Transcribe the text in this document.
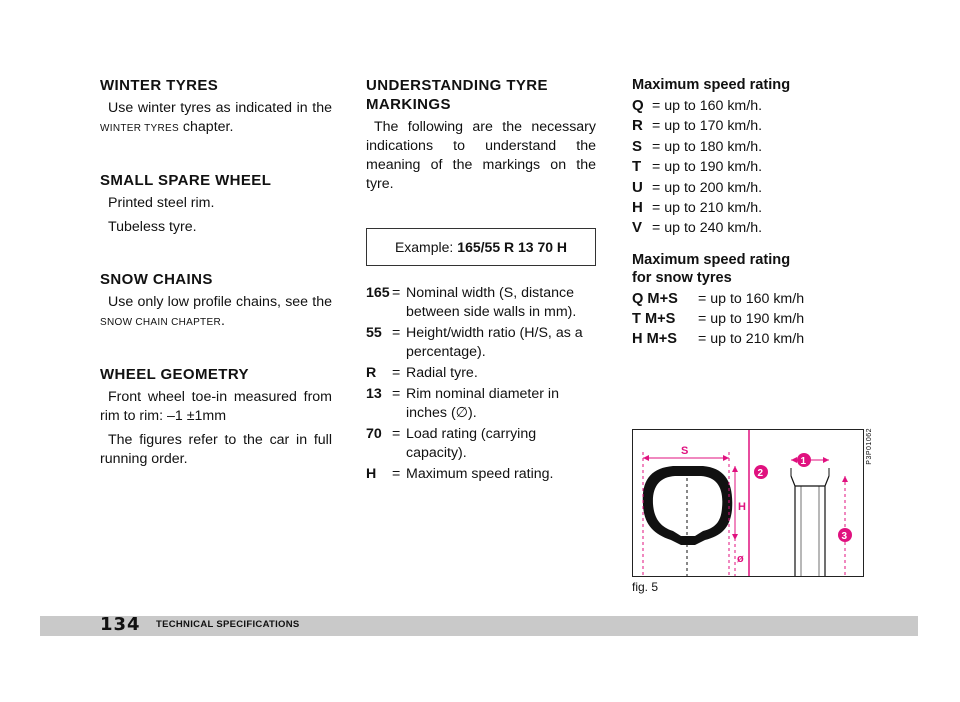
WINTER TYRES

Use winter tyres as indicated in the WINTER TYRES chapter.

SMALL SPARE WHEEL

Printed steel rim.

Tubeless tyre.

SNOW CHAINS

Use only low profile chains, see the SNOW CHAIN CHAPTER.

WHEEL GEOMETRY

Front wheel toe-in measured from rim to rim: –1 ±1mm

The figures refer to the car in full running order.

UNDERSTANDING TYRE MARKINGS

The following are the necessary indications to understand the meaning of the markings on the tyre.

Example: 165/55 R 13 70 H
165 = Nominal width (S, distance between side walls in mm).
55 = Height/width ratio (H/S, as a percentage).
R	= Radial tyre.
13 = Rim nominal diameter in inches (∅).
70 = Load rating (carrying capacity).
H	= Maximum speed rating.
Maximum speed rating
Q = up to 160 km/h.
R = up to 170 km/h.
S = up to 180 km/h.
T = up to 190 km/h.
U = up to 200 km/h.
H = up to 210 km/h.
V = up to 240 km/h.
Maximum speed rating
for snow tyres
Q M+S	= up to 160 km/h
T M+S	= up to 190 km/h
H M+S	= up to 210 km/h
S
H
ø
1
2
3
P3P01062
fig. 5
134 TECHNICAL SPECIFICATIONS
